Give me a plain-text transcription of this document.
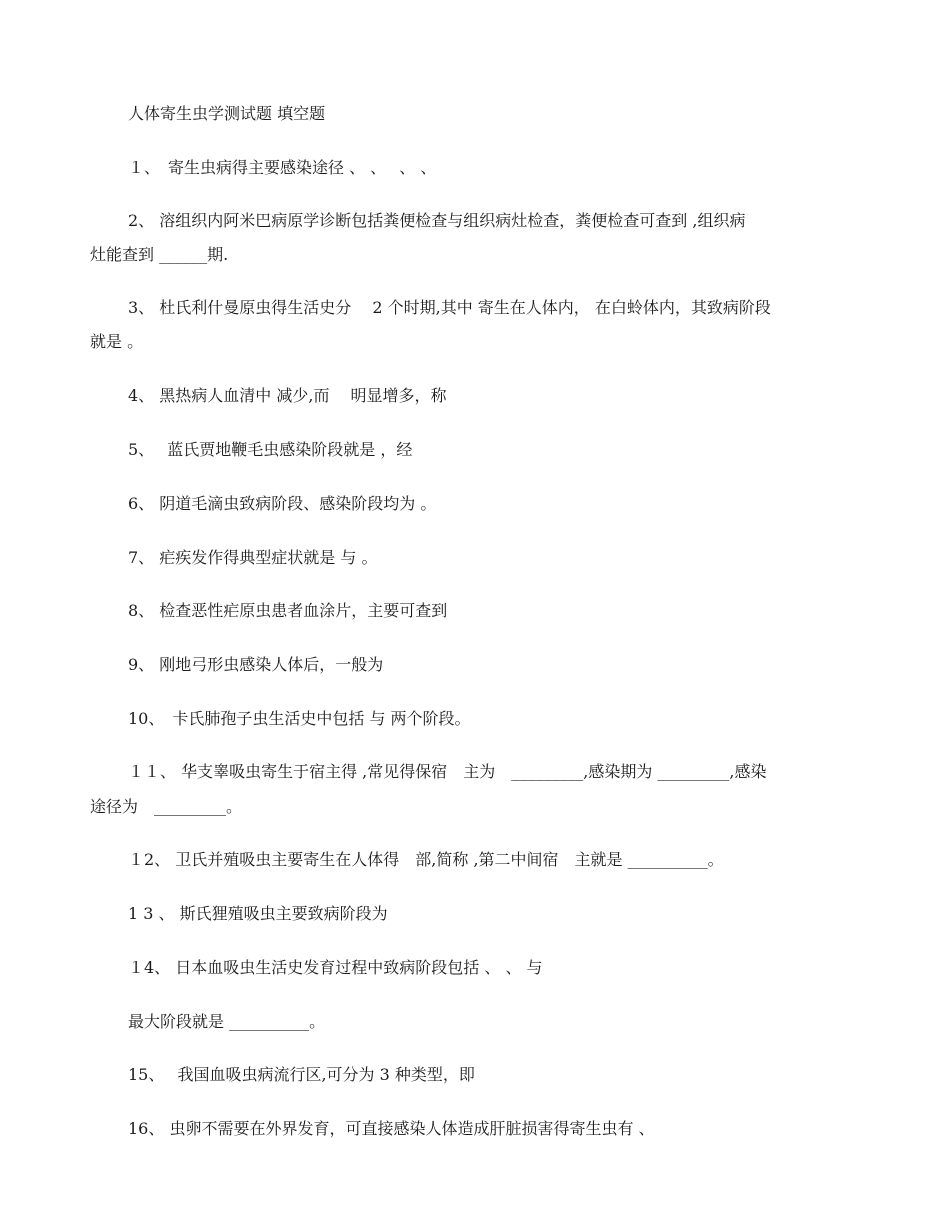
人体寄生虫学测试题 填空题
１、　寄生虫病得主要感染途径 、 、　 、 、
2、 溶组织内阿米巴病原学诊断包括粪便检查与组织病灶检查，粪便检查可查到 ,组织病
灶能查到 ______期.
3、 杜氏利什曼原虫得生活史分　 2 个时期,其中 寄生在人体内， 在白蛉体内，其致病阶段
就是 。
4、 黑热病人血清中 减少,而　 明显增多，称
5、　 蓝氏贾地鞭毛虫感染阶段就是 ，经
6、 阴道毛滴虫致病阶段、感染阶段均为 。
7、 疟疾发作得典型症状就是 与 。
8、 检查恶性疟原虫患者血涂片，主要可查到
9、 刚地弓形虫感染人体后，一般为
10、　卡氏肺孢子虫生活史中包括 与 两个阶段。
１１、 华支睾吸虫寄生于宿主得 ,常见得保宿　主为　_________,感染期为 _________,感染
途径为　_________。
１2、 卫氏并殖吸虫主要寄生在人体得　部,简称 ,第二中间宿　主就是 __________。
1 3 、 斯氏狸殖吸虫主要致病阶段为
１4、 日本血吸虫生活史发育过程中致病阶段包括 、 、 与
最大阶段就是 __________。
15、　 我国血吸虫病流行区,可分为 3 种类型，即
16、 虫卵不需要在外界发育，可直接感染人体造成肝脏损害得寄生虫有 、
